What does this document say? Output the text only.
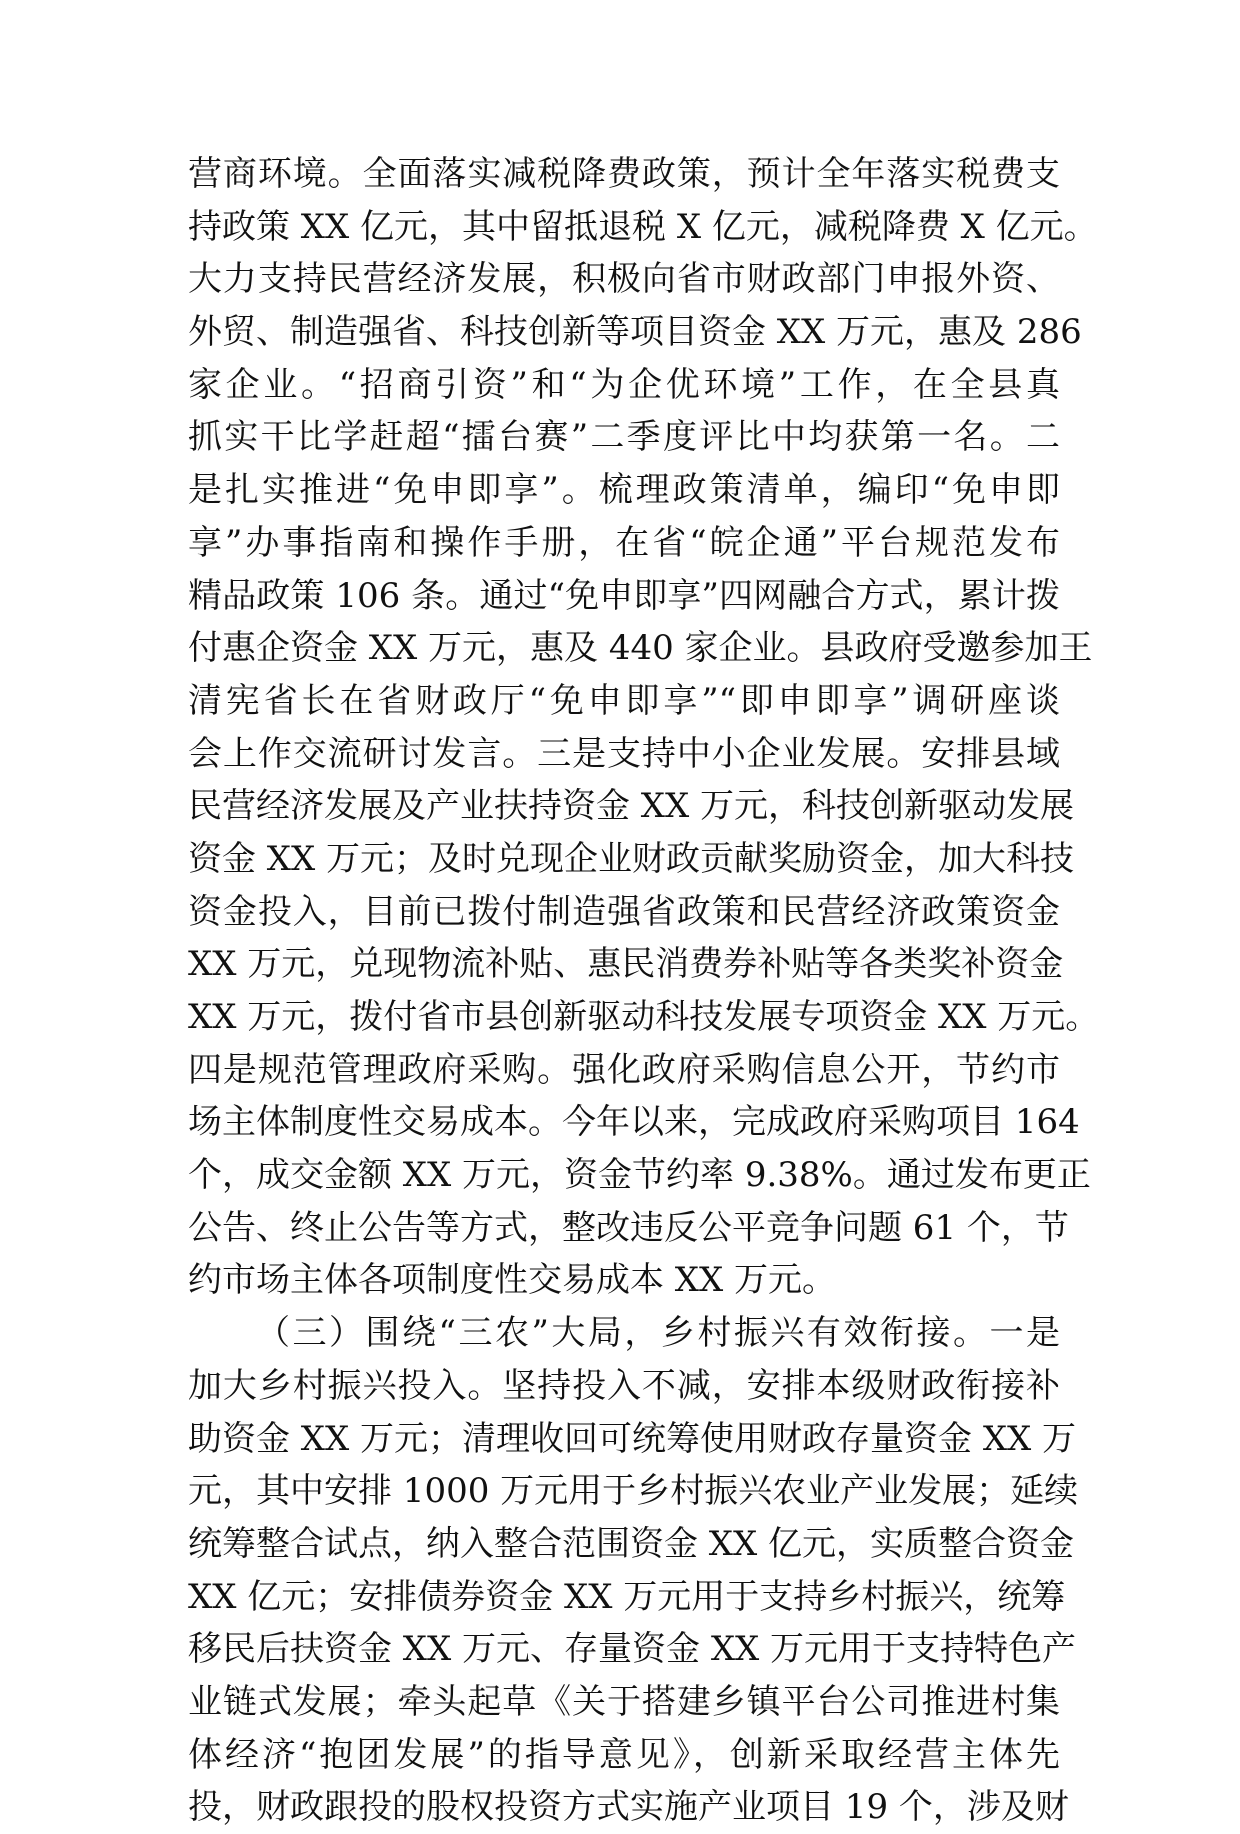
营商环境。全面落实减税降费政策，预计全年落实税费支
持政策 XX 亿元，其中留抵退税 X 亿元，减税降费 X 亿元。
大力支持民营经济发展，积极向省市财政部门申报外资、
外贸、制造强省、科技创新等项目资金 XX 万元，惠及 286
家企业。“招商引资”和“为企优环境”工作，在全县真
抓实干比学赶超“擂台赛”二季度评比中均获第一名。二
是扎实推进“免申即享”。梳理政策清单，编印“免申即
享”办事指南和操作手册，在省“皖企通”平台规范发布
精品政策 106 条。通过“免申即享”四网融合方式，累计拨
付惠企资金 XX 万元，惠及 440 家企业。县政府受邀参加王
清宪省长在省财政厅“免申即享”“即申即享”调研座谈
会上作交流研讨发言。三是支持中小企业发展。安排县域
民营经济发展及产业扶持资金 XX 万元，科技创新驱动发展
资金 XX 万元；及时兑现企业财政贡献奖励资金，加大科技
资金投入，目前已拨付制造强省政策和民营经济政策资金
XX 万元，兑现物流补贴、惠民消费券补贴等各类奖补资金
XX 万元，拨付省市县创新驱动科技发展专项资金 XX 万元。
四是规范管理政府采购。强化政府采购信息公开，节约市
场主体制度性交易成本。今年以来，完成政府采购项目 164
个，成交金额 XX 万元，资金节约率 9.38%。通过发布更正
公告、终止公告等方式，整改违反公平竞争问题 61 个，节
约市场主体各项制度性交易成本 XX 万元。
（三）围绕“三农”大局，乡村振兴有效衔接。一是
加大乡村振兴投入。坚持投入不减，安排本级财政衔接补
助资金 XX 万元；清理收回可统筹使用财政存量资金 XX 万
元，其中安排 1000 万元用于乡村振兴农业产业发展；延续
统筹整合试点，纳入整合范围资金 XX 亿元，实质整合资金
XX 亿元；安排债券资金 XX 万元用于支持乡村振兴，统筹
移民后扶资金 XX 万元、存量资金 XX 万元用于支持特色产
业链式发展；牵头起草《关于搭建乡镇平台公司推进村集
体经济“抱团发展”的指导意见》，创新采取经营主体先
投，财政跟投的股权投资方式实施产业项目 19 个，涉及财
